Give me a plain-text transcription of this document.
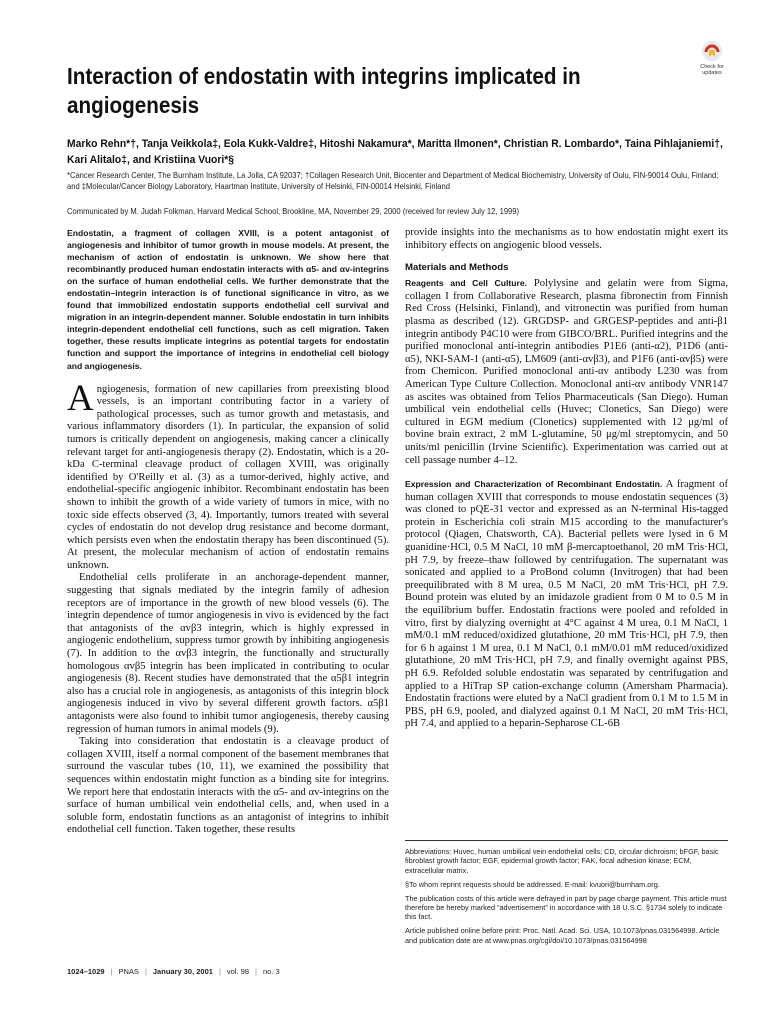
Check for
updates
Interaction of endostatin with integrins implicated in angiogenesis
Marko Rehn*†, Tanja Veikkola‡, Eola Kukk-Valdre‡, Hitoshi Nakamura*, Maritta Ilmonen*, Christian R. Lombardo*, Taina Pihlajaniemi†, Kari Alitalo‡, and Kristiina Vuori*§
*Cancer Research Center, The Burnham Institute, La Jolla, CA 92037; †Collagen Research Unit, Biocenter and Department of Medical Biochemistry, University of Oulu, FIN-90014 Oulu, Finland; and ‡Molecular/Cancer Biology Laboratory, Haartman Institute, University of Helsinki, FIN-00014 Helsinki, Finland
Communicated by M. Judah Folkman, Harvard Medical School, Brookline, MA, November 29, 2000 (received for review July 12, 1999)
Endostatin, a fragment of collagen XVIII, is a potent antagonist of angiogenesis and inhibitor of tumor growth in mouse models. At present, the mechanism of action of endostatin is unknown. We show here that recombinantly produced human endostatin interacts with α5- and αv-integrins on the surface of human endothelial cells. We further demonstrate that the endostatin–integrin interaction is of functional significance in vitro, as we found that immobilized endostatin supports endothelial cell survival and migration in an integrin-dependent manner. Soluble endostatin in turn inhibits integrin-dependent endothelial cell functions, such as cell migration. Taken together, these results implicate integrins as potential targets for endostatin function and support the importance of integrins in endothelial cell biology and angiogenesis.

Angiogenesis, formation of new capillaries from preexisting blood vessels, is an important contributing factor in a variety of pathological processes, such as tumor growth and metastasis, and various inflammatory disorders (1). In particular, the expansion of solid tumors is critically dependent on angiogenesis, making cancer a clinically relevant target for anti-angiogenesis therapy (2). Endostatin, which is a 20-kDa C-terminal cleavage product of collagen XVIII, was originally identified by O'Reilly et al. (3) as a tumor-derived, highly active, and endothelial-specific angiogenic inhibitor. Recombinant endostatin has been shown to inhibit the growth of a wide variety of tumors in mice, with no toxic side effects observed (3, 4). Importantly, tumors treated with several cycles of endostatin do not develop drug resistance and become dormant, which persists even when the endostatin therapy has been discontinued (5). At present, the molecular mechanism of action of endostatin remains unknown.

Endothelial cells proliferate in an anchorage-dependent manner, suggesting that signals mediated by the integrin family of adhesion receptors are of importance in the growth of new blood vessels (6). The integrin dependence of tumor angiogenesis in vivo is evidenced by the fact that antagonists of the αvβ3 integrin, which is highly expressed in angiogenic endothelium, suppress tumor growth by inhibiting angiogenesis (7). In addition to the αvβ3 integrin, the functionally and structurally homologous αvβ5 integrin has been implicated in contributing to ocular angiogenesis (8). Recent studies have demonstrated that the α5β1 integrin also has a crucial role in angiogenesis, as antagonists of this integrin block angiogenesis induced in vivo by several different growth factors. α5β1 antagonists were also found to inhibit tumor angiogenesis, thereby causing regression of human tumors in animal models (9).

Taking into consideration that endostatin is a cleavage product of collagen XVIII, itself a normal component of the basement membranes that surround the vascular tubes (10, 11), we examined the possibility that sequences within endostatin might function as a binding site for integrins. We report here that endostatin interacts with the α5- and αv-integrins on the surface of human umbilical vein endothelial cells, and, when used in a soluble form, endostatin functions as an antagonist of integrins to inhibit endothelial cell function. Taken together, these results

provide insights into the mechanisms as to how endostatin might exert its inhibitory effects on angiogenic blood vessels.
Materials and Methods

Reagents and Cell Culture. Polylysine and gelatin were from Sigma, collagen I from Collaborative Research, plasma fibronectin from Finnish Red Cross (Helsinki, Finland), and vitronectin was purified from human plasma as described (12). GRGDSP- and GRGESP-peptides and anti-β1 integrin antibody P4C10 were from GIBCO/BRL. Purified integrins and the purified monoclonal anti-integrin antibodies P1E6 (anti-α2), P1D6 (anti-α5), NKI-SAM-1 (anti-α5), LM609 (anti-αvβ3), and P1F6 (anti-αvβ5) were from Chemicon. Purified monoclonal anti-αv antibody L230 was from American Type Culture Collection. Monoclonal anti-αv antibody VNR147 as ascites was obtained from Telios Pharmaceuticals (San Diego). Human umbilical vein endothelial cells (Huvec; Clonetics, San Diego) were cultured in EGM medium (Clonetics) supplemented with 12 μg/ml of bovine brain extract, 2 mM L-glutamine, 50 μg/ml streptomycin, and 50 units/ml penicillin (Irvine Scientific). Experimentation was carried out at cell passage number 4–12.

Expression and Characterization of Recombinant Endostatin. A fragment of human collagen XVIII that corresponds to mouse endostatin sequences (3) was cloned to pQE-31 vector and expressed as an N-terminal His-tagged protein in Escherichia coli strain M15 according to the manufacturer's protocol (Qiagen, Chatsworth, CA). Bacterial pellets were lysed in 6 M guanidine·HCl, 0.5 M NaCl, 10 mM β-mercaptoethanol, 20 mM Tris·HCl, pH 7.9, by freeze–thaw followed by centrifugation. The supernatant was sonicated and applied to a ProBond column (Invitrogen) that had been preequilibrated with 8 M urea, 0.5 M NaCl, 20 mM Tris·HCl, pH 7.9. Bound protein was eluted by an imidazole gradient from 0 M to 0.5 M in the equilibrium buffer. Endostatin fractions were pooled and refolded in vitro, first by dialyzing overnight at 4°C against 4 M urea, 0.1 M NaCl, 1 mM/0.1 mM reduced/oxidized glutathione, 20 mM Tris·HCl, pH 7.9, then for 6 h against 1 M urea, 0.1 M NaCl, 0.1 mM/0.01 mM reduced/oxidized glutathione, 20 mM Tris·HCl, pH 7.9, and finally overnight against PBS, pH 6.9. Refolded soluble endostatin was separated by centrifugation and applied to a HiTrap SP cation-exchange column (Amersham Pharmacia). Endostatin fractions were eluted by a NaCl gradient from 0.1 M to 1.5 M in PBS, pH 6.9, pooled, and dialyzed against 0.1 M NaCl, 20 mM Tris·HCl, pH 7.4, and applied to a heparin-Sepharose CL-6B

Abbreviations: Huvec, human umbilical vein endothelial cells; CD, circular dichroism; bFGF, basic fibroblast growth factor; EGF, epidermal growth factor; FAK, focal adhesion kinase; ECM, extracellular matrix.

§To whom reprint requests should be addressed. E-mail: kvuori@burnham.org.

The publication costs of this article were defrayed in part by page charge payment. This article must therefore be hereby marked “advertisement” in accordance with 18 U.S.C. §1734 solely to indicate this fact.

Article published online before print: Proc. Natl. Acad. Sci. USA, 10.1073/pnas.031564998. Article and publication date are at www.pnas.org/cgi/doi/10.1073/pnas.031564998

1024–1029 | PNAS | January 30, 2001 | vol. 98 | no. 3
